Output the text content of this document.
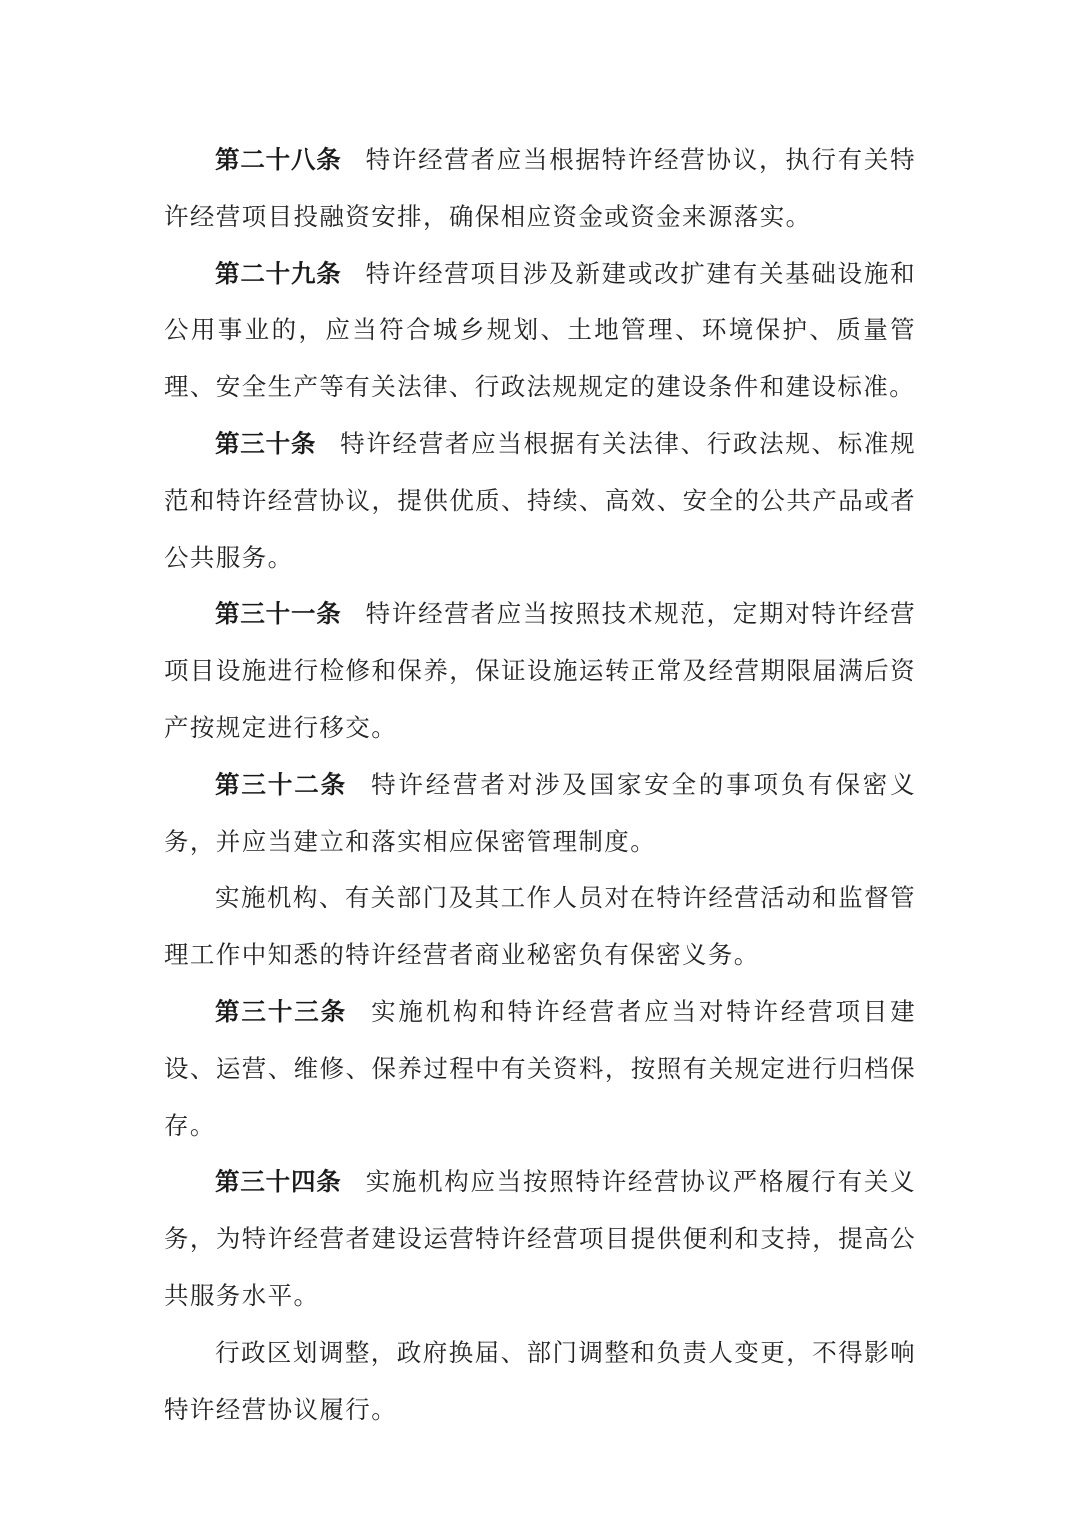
第二十八条 特许经营者应当根据特许经营协议，执行有关特许经营项目投融资安排，确保相应资金或资金来源落实。

第二十九条 特许经营项目涉及新建或改扩建有关基础设施和公用事业的，应当符合城乡规划、土地管理、环境保护、质量管理、安全生产等有关法律、行政法规规定的建设条件和建设标准。

第三十条 特许经营者应当根据有关法律、行政法规、标准规范和特许经营协议，提供优质、持续、高效、安全的公共产品或者公共服务。

第三十一条 特许经营者应当按照技术规范，定期对特许经营项目设施进行检修和保养，保证设施运转正常及经营期限届满后资产按规定进行移交。

第三十二条 特许经营者对涉及国家安全的事项负有保密义务，并应当建立和落实相应保密管理制度。

实施机构、有关部门及其工作人员对在特许经营活动和监督管理工作中知悉的特许经营者商业秘密负有保密义务。

第三十三条 实施机构和特许经营者应当对特许经营项目建设、运营、维修、保养过程中有关资料，按照有关规定进行归档保存。

第三十四条 实施机构应当按照特许经营协议严格履行有关义务，为特许经营者建设运营特许经营项目提供便利和支持，提高公共服务水平。

行政区划调整，政府换届、部门调整和负责人变更，不得影响特许经营协议履行。
